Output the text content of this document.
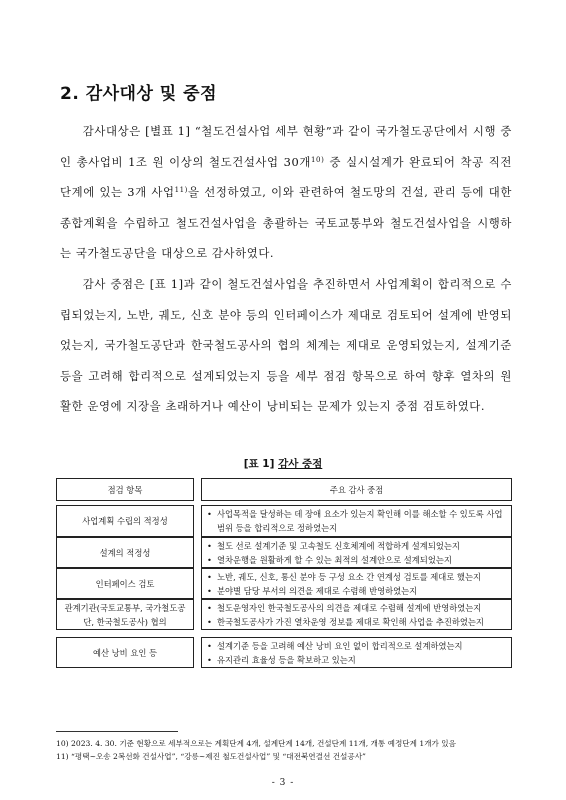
2. 감사대상 및 중점

감사대상은 [별표 1] “철도건설사업 세부 현황”과 같이 국가철도공단에서 시행 중인 총사업비 1조 원 이상의 철도건설사업 30개$^{10)}$ 중 실시설계가 완료되어 착공 직전 단계에 있는 3개 사업$^{11)}$을 선정하였고, 이와 관련하여 철도망의 건설, 관리 등에 대한 종합계획을 수립하고 철도건설사업을 총괄하는 국토교통부와 철도건설사업을 시행하는 국가철도공단을 대상으로 감사하였다.

감사 중점은 [표 1]과 같이 철도건설사업을 추진하면서 사업계획이 합리적으로 수립되었는지, 노반, 궤도, 신호 분야 등의 인터페이스가 제대로 검토되어 설계에 반영되었는지, 국가철도공단과 한국철도공사의 협의 체계는 제대로 운영되었는지, 설계기준 등을 고려해 합리적으로 설계되었는지 등을 세부 점검 항목으로 하여 향후 열차의 원활한 운영에 지장을 초래하거나 예산이 낭비되는 문제가 있는지 중점 검토하였다.

[표 1] 감사 중점
점검 항목	주요 감사 중점
사업계획 수립의 적정성
• 사업목적을 달성하는 데 장애 요소가 있는지 확인해 이를 해소할 수 있도록 사업 범위 등을 합리적으로 정하였는지
설계의 적정성
• 철도 선로 설계기준 및 고속철도 신호체계에 적합하게 설계되었는지
• 열차운행을 원활하게 할 수 있는 최적의 설계안으로 설계되었는지
인터페이스 검토
• 노반, 궤도, 신호, 통신 분야 등 구성 요소 간 연계성 검토를 제대로 했는지
• 분야별 담당 부서의 의견을 제대로 수렴해 반영하였는지
관계기관(국토교통부, 국가철도공단, 한국철도공사) 협의
• 철도운영자인 한국철도공사의 의견을 제대로 수렴해 설계에 반영하였는지
• 한국철도공사가 가진 열차운영 정보를 제대로 확인해 사업을 추진하였는지
예산 낭비 요인 등
• 설계기준 등을 고려해 예산 낭비 요인 없이 합리적으로 설계하였는지
• 유지관리 효율성 등을 확보하고 있는지
10) 2023. 4. 30. 기준 현황으로 세부적으로는 계획단계 4개, 설계단계 14개, 건설단계 11개, 개통 예정단계 1개가 있음
11) “평택~오송 2복선화 건설사업”, “강릉~제진 철도건설사업” 및 “대전북연결선 건설공사”
- 3 -
